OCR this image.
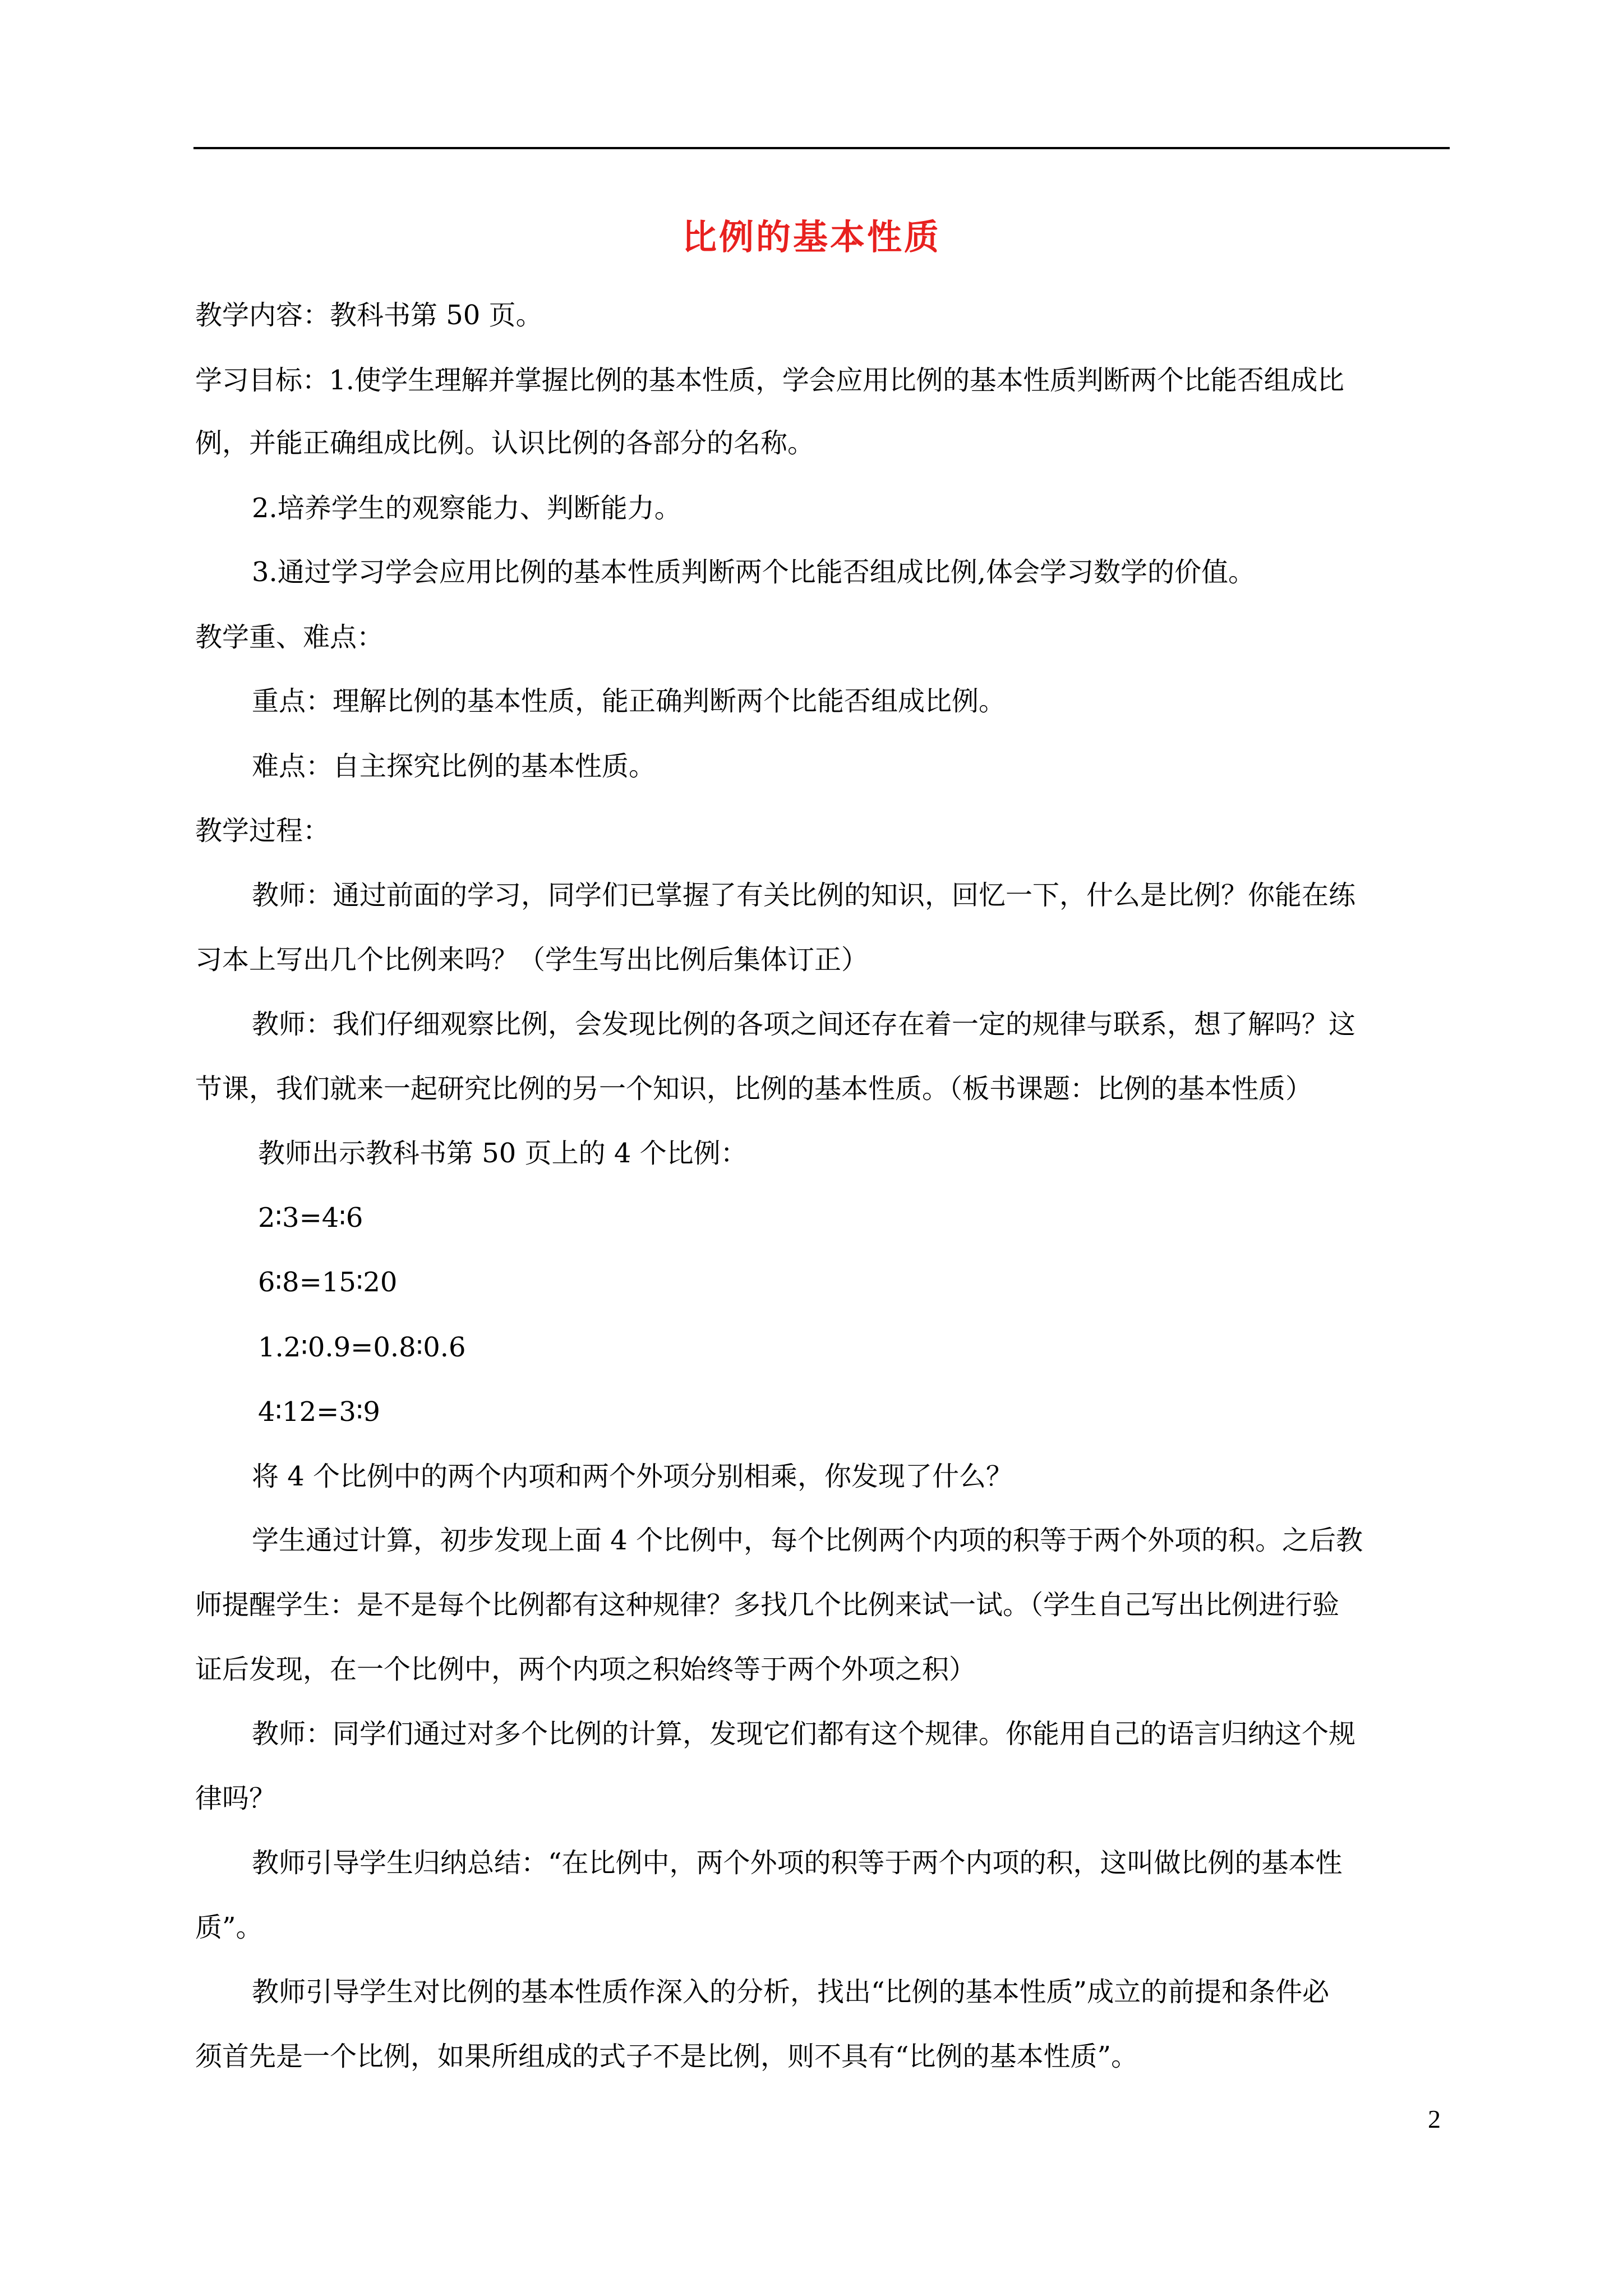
比例的基本性质
教学内容：教科书第 50 页。
学习目标：1.使学生理解并掌握比例的基本性质，学会应用比例的基本性质判断两个比能否组成比
例，并能正确组成比例。认识比例的各部分的名称。
2.培养学生的观察能力、判断能力。
3.通过学习学会应用比例的基本性质判断两个比能否组成比例,体会学习数学的价值。
教学重、难点：
重点：理解比例的基本性质，能正确判断两个比能否组成比例。
难点：自主探究比例的基本性质。
教学过程：
教师：通过前面的学习，同学们已掌握了有关比例的知识，回忆一下，什么是比例？你能在练
习本上写出几个比例来吗？（学生写出比例后集体订正）
教师：我们仔细观察比例，会发现比例的各项之间还存在着一定的规律与联系，想了解吗？这
节课，我们就来一起研究比例的另一个知识，比例的基本性质。（板书课题：比例的基本性质）
教师出示教科书第 50 页上的 4 个比例：
2∶3=4∶6
6∶8=15∶20
1.2∶0.9=0.8∶0.6
4∶12=3∶9
将 4 个比例中的两个内项和两个外项分别相乘，你发现了什么？
学生通过计算，初步发现上面 4 个比例中，每个比例两个内项的积等于两个外项的积。之后教
师提醒学生：是不是每个比例都有这种规律？多找几个比例来试一试。（学生自己写出比例进行验
证后发现，在一个比例中，两个内项之积始终等于两个外项之积）
教师：同学们通过对多个比例的计算，发现它们都有这个规律。你能用自己的语言归纳这个规
律吗？
教师引导学生归纳总结：“在比例中，两个外项的积等于两个内项的积，这叫做比例的基本性
质”。
教师引导学生对比例的基本性质作深入的分析，找出“比例的基本性质”成立的前提和条件必
须首先是一个比例，如果所组成的式子不是比例，则不具有“比例的基本性质”。
2
